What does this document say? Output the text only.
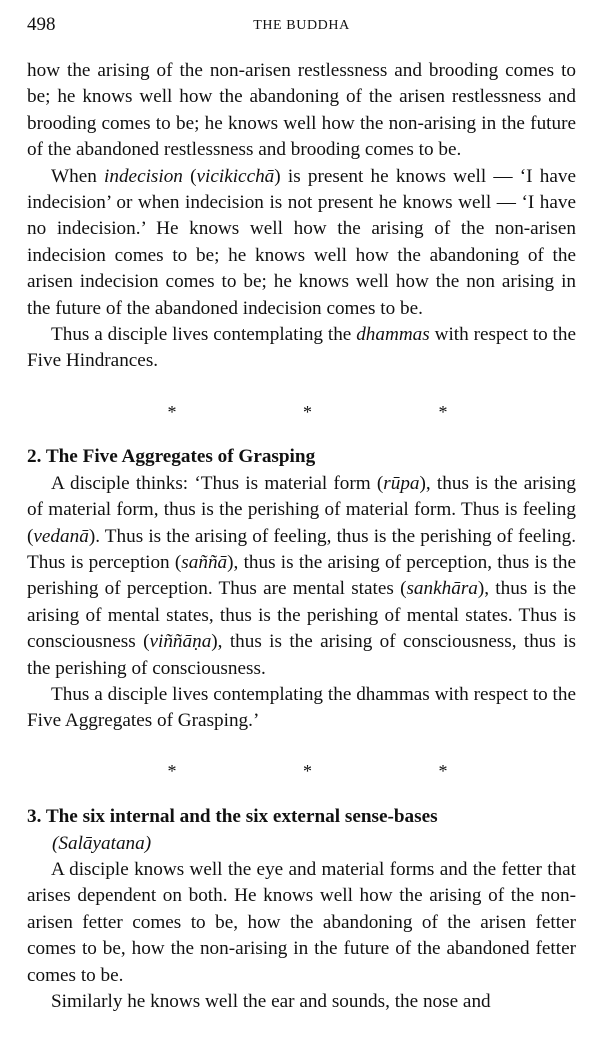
498	THE BUDDHA

how the arising of the non-arisen restlessness and brooding comes to be; he knows well how the abandoning of the arisen restlessness and brooding comes to be; he knows well how the non-arising in the future of the abandoned restlessness and brooding comes to be.

When indecision (vicikicchā) is present he knows well — ‘I have indecision’ or when indecision is not present he knows well — ‘I have no indecision.’ He knows well how the arising of the non-arisen indecision comes to be; he knows well how the abandoning of the arisen indecision comes to be; he knows well how the non arising in the future of the abandoned indecision comes to be.

Thus a disciple lives contemplating the dhammas with respect to the Five Hindrances.

*	*	*

2. The Five Aggregates of Grasping

A disciple thinks: ‘Thus is material form (rūpa), thus is the arising of material form, thus is the perishing of material form. Thus is feeling (vedanā). Thus is the arising of feeling, thus is the perishing of feeling. Thus is perception (saññā), thus is the arising of perception, thus is the perishing of perception. Thus are mental states (sankhāra), thus is the arising of mental states, thus is the perishing of mental states. Thus is consciousness (viññāṇa), thus is the arising of consciousness, thus is the perishing of consciousness.

Thus a disciple lives contemplating the dhammas with respect to the Five Aggregates of Grasping.’

*	*	*

3. The six internal and the six external sense-bases

(Salāyatana)

A disciple knows well the eye and material forms and the fetter that arises dependent on both. He knows well how the arising of the non-arisen fetter comes to be, how the abandoning of the arisen fetter comes to be, how the non-arising in the future of the abandoned fetter comes to be.

Similarly he knows well the ear and sounds, the nose and
